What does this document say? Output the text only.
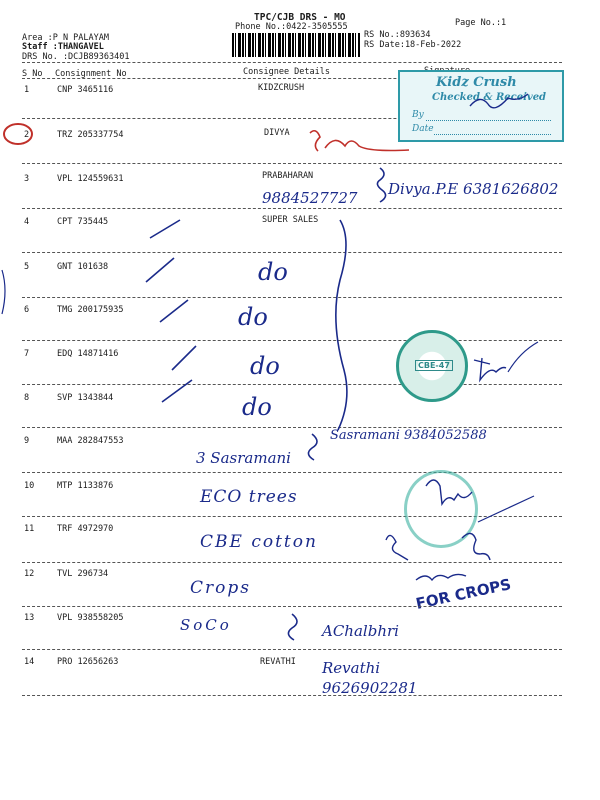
TPC/CJB DRS - MO
Phone No.:0422-3505555	Page No.:1
Area :P N PALAYAM
Staff :THANGAVEL
DRS No. :DCJB89363401
RS No.:893634
RS Date:18-Feb-2022
S No Consignment No	Consignee Details
1	CNP 3465116	KIDZCRUSH
2	TRZ 205337754	DIVYA
3	VPL 124559631	PRABAHARAN
9884527727 Divya.P.E 6381626802
4	CPT 735445	SUPER SALES
5	GNT 101638	do
6	TMG 200175935	do
7	EDQ 14871416	do
8	SVP 1343844	do
9	MAA 282847553
3 Sasramani
Sasramani 9384052588
10	MTP 1133876
ECO trees
11	TRF 4972970
CBE cotton
12	TVL 296734
Crops	FOR CROPS
13	VPL 938558205	SoCo	AChalbhri
14	PRO 12656263	REVATHI Revathi 9626902281
Kidz Crush
Checked & Received
By
Date
CBE-47
